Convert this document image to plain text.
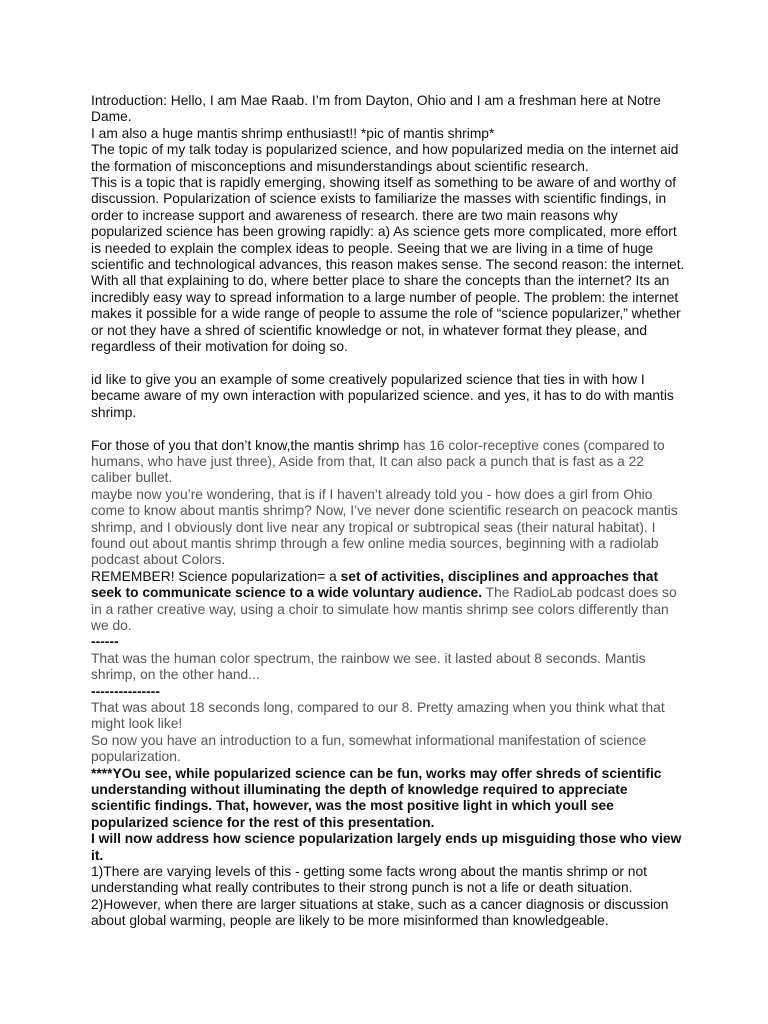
Introduction: Hello, I am Mae Raab. I’m from Dayton, Ohio and I am a freshman here at Notre Dame.

I am also a huge mantis shrimp enthusiast!! *pic of mantis shrimp*

The topic of my talk today is popularized science, and how popularized media on the internet aid the formation of misconceptions and misunderstandings about scientific research.

This is a topic that is rapidly emerging, showing itself as something to be aware of and worthy of discussion. Popularization of science exists to familiarize the masses with scientific findings, in order to increase support and awareness of research. there are two main reasons why popularized science has been growing rapidly: a) As science gets more complicated, more effort is needed to explain the complex ideas to people. Seeing that we are living in a time of huge scientific and technological advances, this reason makes sense. The second reason: the internet. With all that explaining to do, where better place to share the concepts than the internet? Its an incredibly easy way to spread information to a large number of people. The problem: the internet makes it possible for a wide range of people to assume the role of “science popularizer,” whether or not they have a shred of scientific knowledge or not, in whatever format they please, and regardless of their motivation for doing so.

id like to give you an example of some creatively popularized science that ties in with how I became aware of my own interaction with popularized science. and yes, it has to do with mantis shrimp.

For those of you that don’t know,the mantis shrimp has 16 color-receptive cones (compared to humans, who have just three), Aside from that, It can also pack a punch that is fast as a 22 caliber bullet.

maybe now you’re wondering, that is if I haven’t already told you - how does a girl from Ohio come to know about mantis shrimp? Now, I’ve never done scientific research on peacock mantis shrimp, and I obviously dont live near any tropical or subtropical seas (their natural habitat). I found out about mantis shrimp through a few online media sources, beginning with a radiolab podcast about Colors.

REMEMBER! Science popularization= a set of activities, disciplines and approaches that seek to communicate science to a wide voluntary audience. The RadioLab podcast does so in a rather creative way, using a choir to simulate how mantis shrimp see colors differently than we do.

------

That was the human color spectrum, the rainbow we see. it lasted about 8 seconds. Mantis shrimp, on the other hand...

---------------

That was about 18 seconds long, compared to our 8. Pretty amazing when you think what that might look like!

So now you have an introduction to a fun, somewhat informational manifestation of science popularization.

****YOu see, while popularized science can be fun, works may offer shreds of scientific understanding without illuminating the depth of knowledge required to appreciate scientific findings. That, however, was the most positive light in which youll see popularized science for the rest of this presentation.

I will now address how science popularization largely ends up misguiding those who view it.

1)There are varying levels of this - getting some facts wrong about the mantis shrimp or not understanding what really contributes to their strong punch is not a life or death situation.

2)However, when there are larger situations at stake, such as a cancer diagnosis or discussion about global warming, people are likely to be more misinformed than knowledgeable.
